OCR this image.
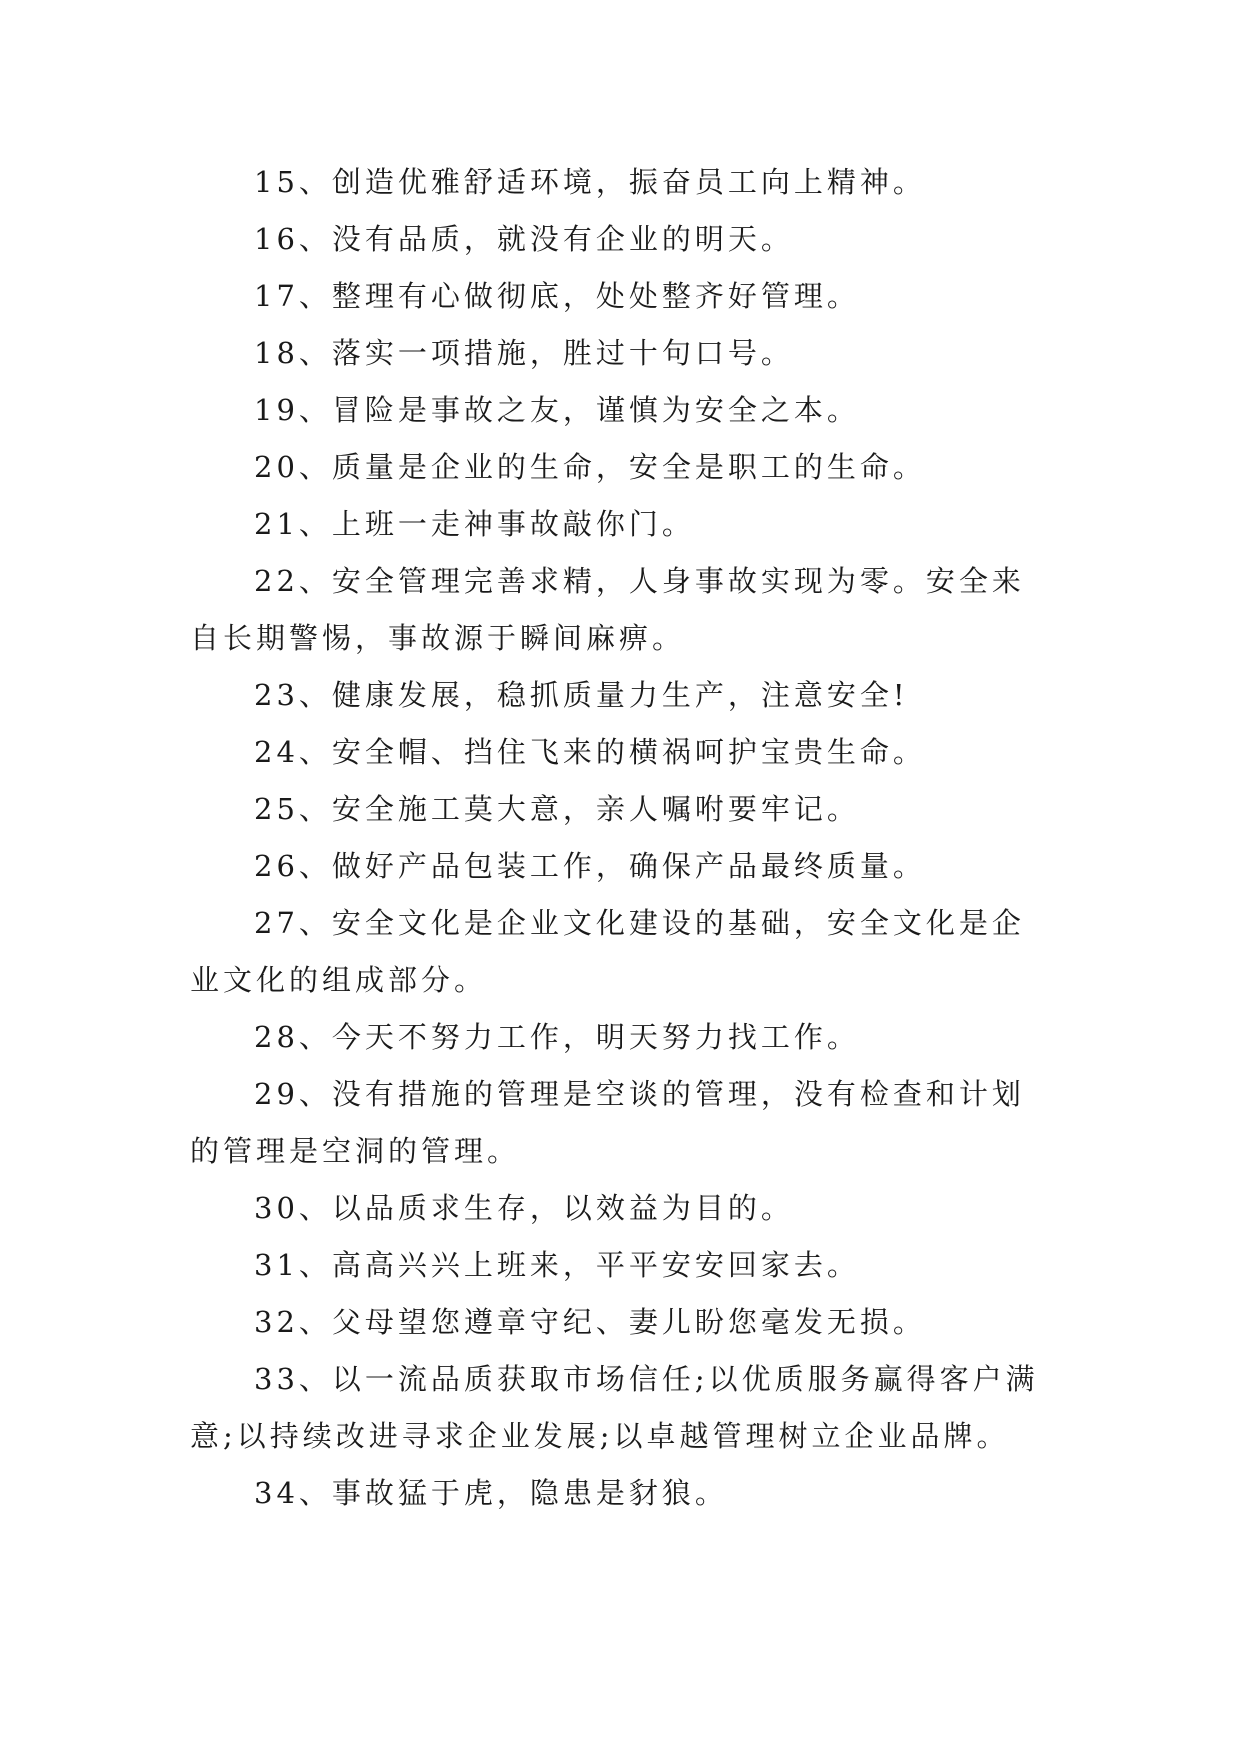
15、创造优雅舒适环境，振奋员工向上精神。

16、没有品质，就没有企业的明天。

17、整理有心做彻底，处处整齐好管理。

18、落实一项措施，胜过十句口号。

19、冒险是事故之友，谨慎为安全之本。

20、质量是企业的生命，安全是职工的生命。

21、上班一走神事故敲你门。

22、安全管理完善求精，人身事故实现为零。安全来自长期警惕，事故源于瞬间麻痹。

23、健康发展，稳抓质量力生产，注意安全!

24、安全帽、挡住飞来的横祸呵护宝贵生命。

25、安全施工莫大意，亲人嘱咐要牢记。

26、做好产品包装工作，确保产品最终质量。

27、安全文化是企业文化建设的基础，安全文化是企业文化的组成部分。

28、今天不努力工作，明天努力找工作。

29、没有措施的管理是空谈的管理，没有检查和计划的管理是空洞的管理。

30、以品质求生存，以效益为目的。

31、高高兴兴上班来，平平安安回家去。

32、父母望您遵章守纪、妻儿盼您毫发无损。

33、以一流品质获取市场信任;以优质服务赢得客户满意;以持续改进寻求企业发展;以卓越管理树立企业品牌。

34、事故猛于虎，隐患是豺狼。
